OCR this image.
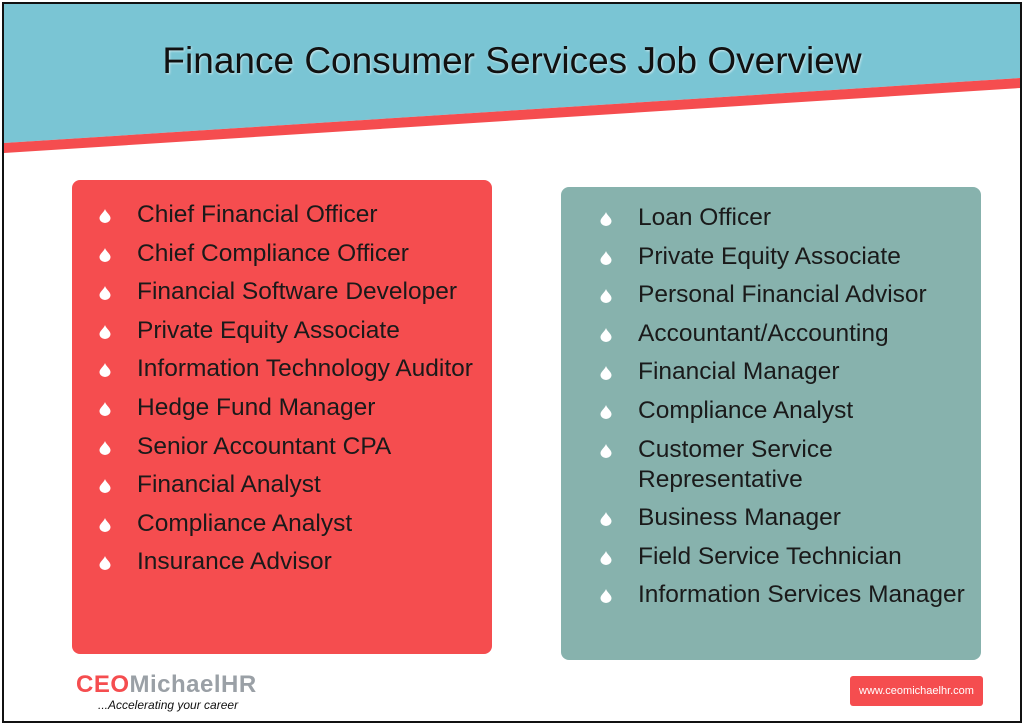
Finance Consumer Services Job Overview
Chief Financial Officer
Chief Compliance Officer
Financial Software Developer
Private Equity Associate
Information Technology Auditor
Hedge Fund Manager
Senior Accountant CPA
Financial Analyst
Compliance Analyst
Insurance Advisor
Loan Officer
Private Equity Associate
Personal Financial Advisor
Accountant/Accounting
Financial Manager
Compliance Analyst
Customer Service Representative
Business Manager
Field Service Technician
Information Services Manager
CEOMichaelHR
...Accelerating your career
www.ceomichaelhr.com
